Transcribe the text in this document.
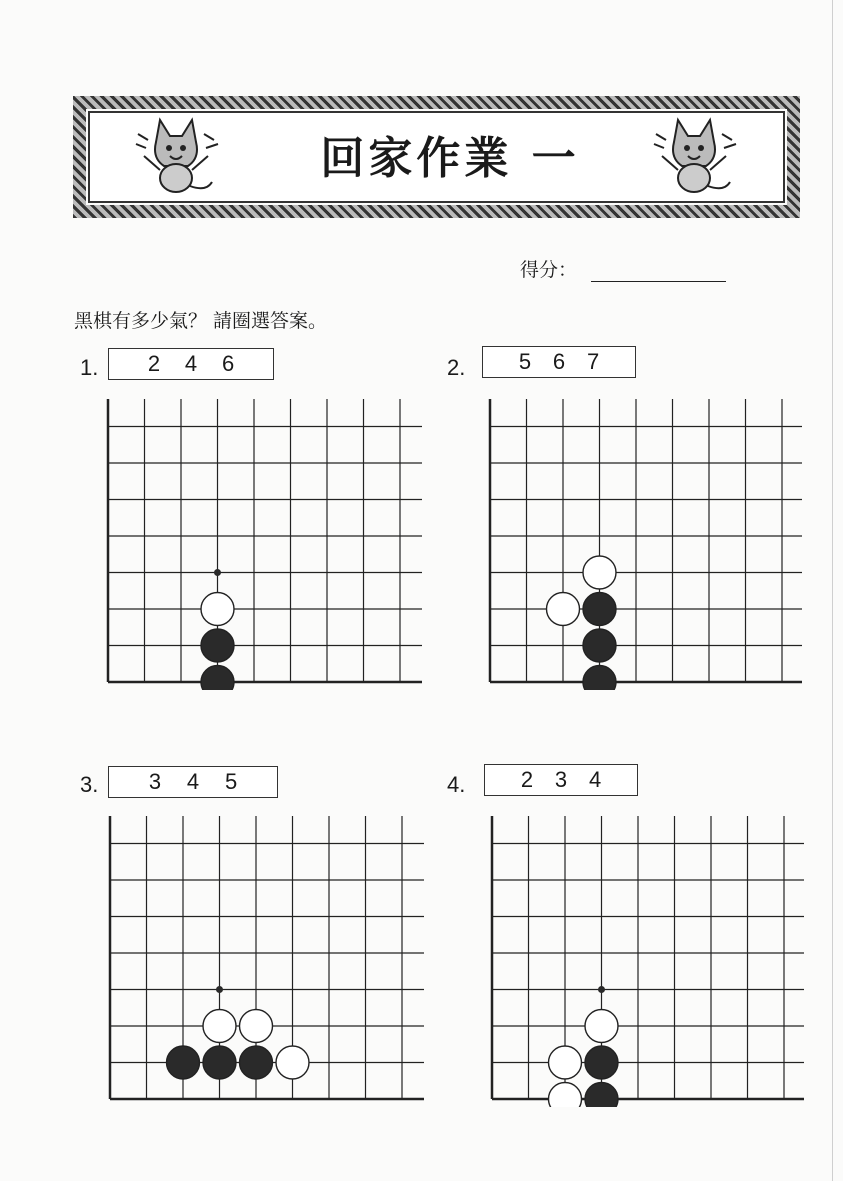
回家作業 一
得分：
黑棋有多少氣？ 請圈選答案。
1. 2 4 6	2. 5 6 7
3. 3 4 5	4.	2 3 4
